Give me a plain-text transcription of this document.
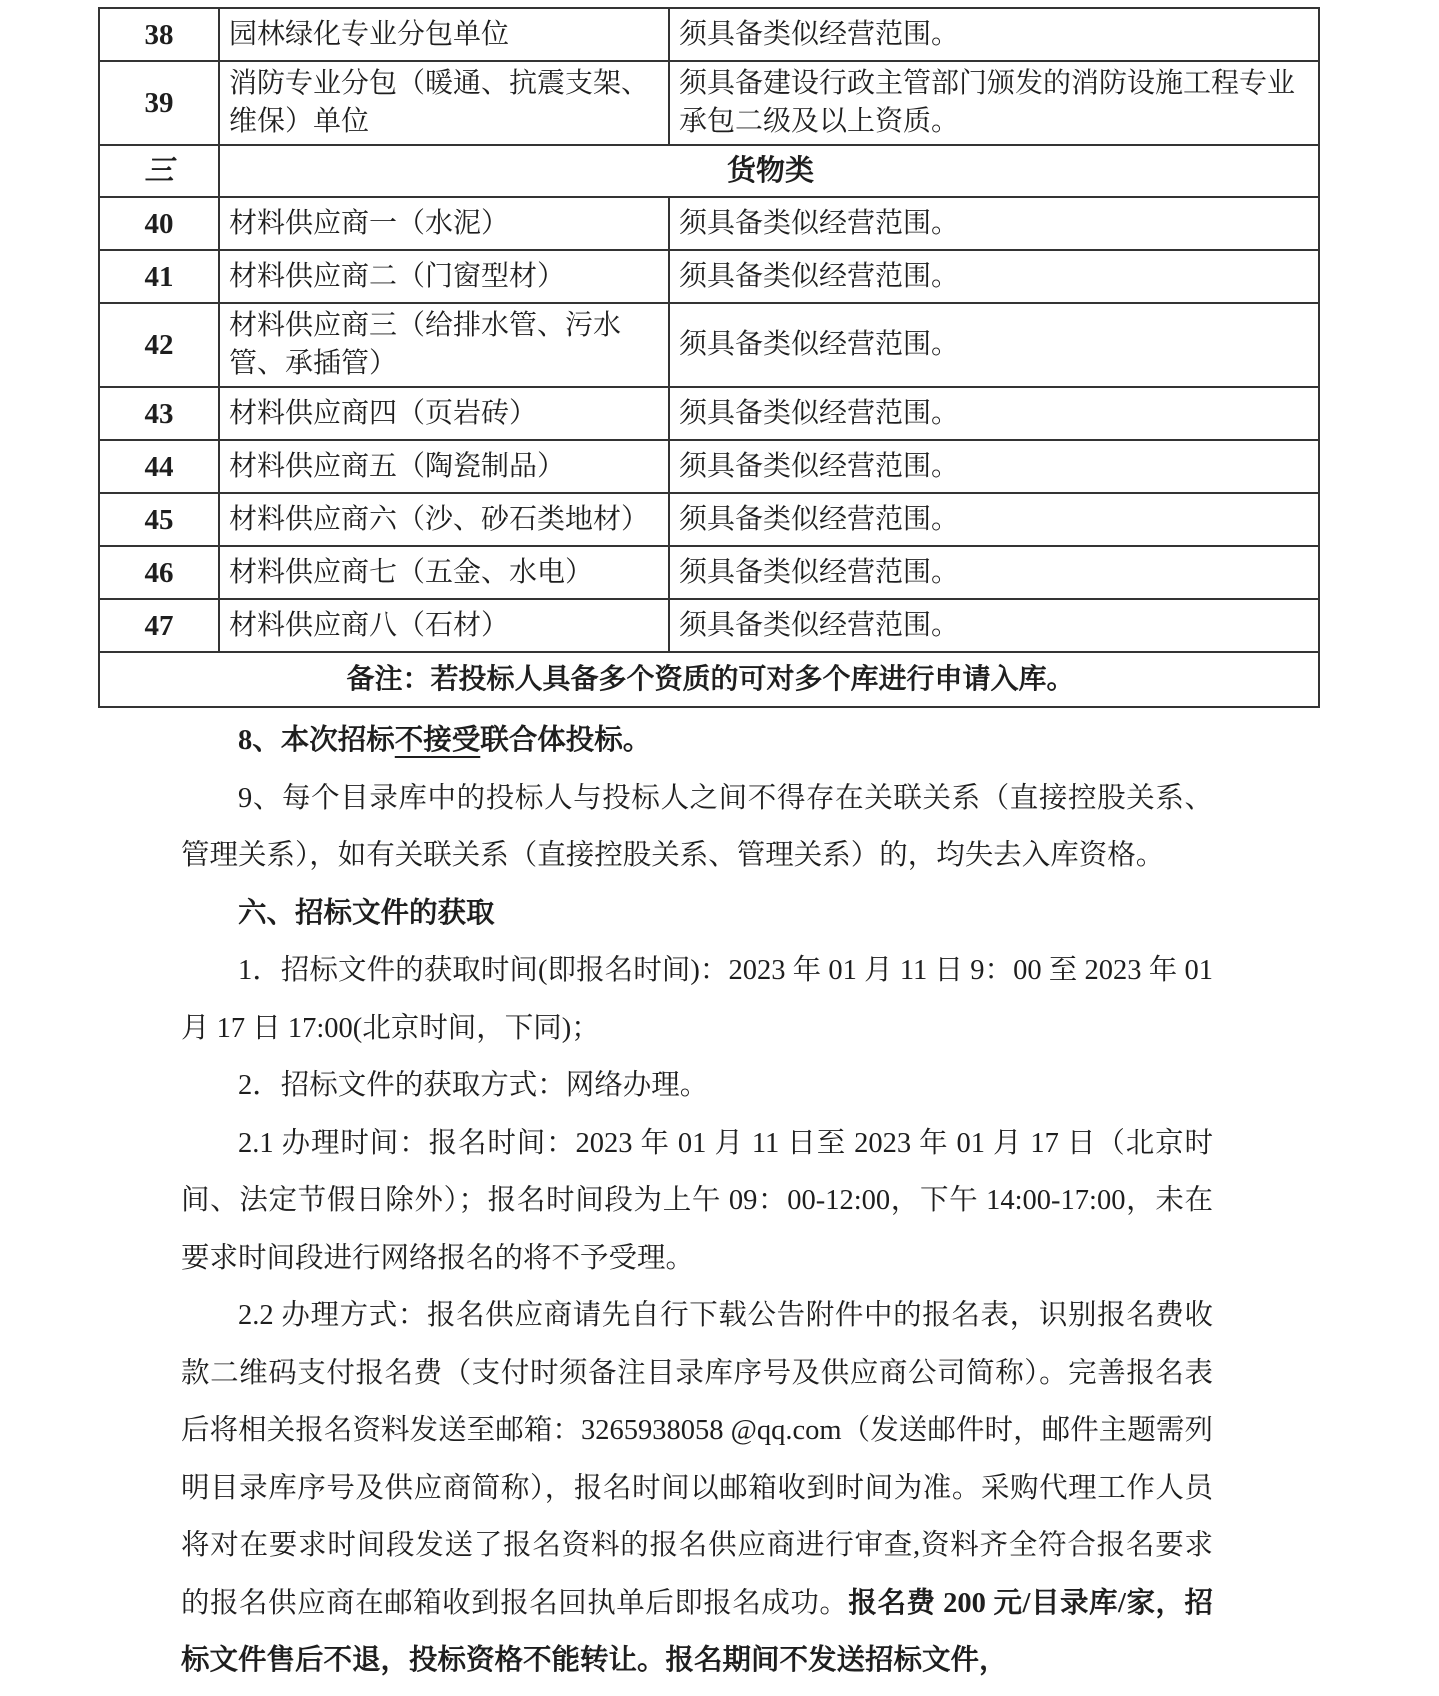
38	园林绿化专业分包单位	须具备类似经营范围。
39	消防专业分包（暖通、抗震支架、维保）单位	须具备建设行政主管部门颁发的消防设施工程专业承包二级及以上资质。
三	货物类	
40	材料供应商一（水泥）	须具备类似经营范围。
41	材料供应商二（门窗型材）	须具备类似经营范围。
42	材料供应商三（给排水管、污水管、承插管）	须具备类似经营范围。
43	材料供应商四（页岩砖）	须具备类似经营范围。
44	材料供应商五（陶瓷制品）	须具备类似经营范围。
45	材料供应商六（沙、砂石类地材）	须具备类似经营范围。
46	材料供应商七（五金、水电）	须具备类似经营范围。
47	材料供应商八（石材）	须具备类似经营范围。
备注：若投标人具备多个资质的可对多个库进行申请入库。		

8、本次招标不接受联合体投标。

9、每个目录库中的投标人与投标人之间不得存在关联关系（直接控股关系、管理关系），如有关联关系（直接控股关系、管理关系）的，均失去入库资格。

六、招标文件的获取

1．招标文件的获取时间(即报名时间)：2023 年 01 月 11 日 9：00 至 2023 年 01 月 17 日 17:00(北京时间，下同)；

2．招标文件的获取方式：网络办理。

2.1 办理时间：报名时间：2023 年 01 月 11 日至 2023 年 01 月 17 日（北京时间、法定节假日除外）；报名时间段为上午 09：00-12:00，下午 14:00-17:00，未在要求时间段进行网络报名的将不予受理。

2.2 办理方式：报名供应商请先自行下载公告附件中的报名表，识别报名费收款二维码支付报名费（支付时须备注目录库序号及供应商公司简称）。完善报名表后将相关报名资料发送至邮箱：3265938058 @qq.com（发送邮件时，邮件主题需列明目录库序号及供应商简称），报名时间以邮箱收到时间为准。采购代理工作人员将对在要求时间段发送了报名资料的报名供应商进行审查,资料齐全符合报名要求的报名供应商在邮箱收到报名回执单后即报名成功。报名费 200 元/目录库/家，招标文件售后不退，投标资格不能转让。报名期间不发送招标文件，
